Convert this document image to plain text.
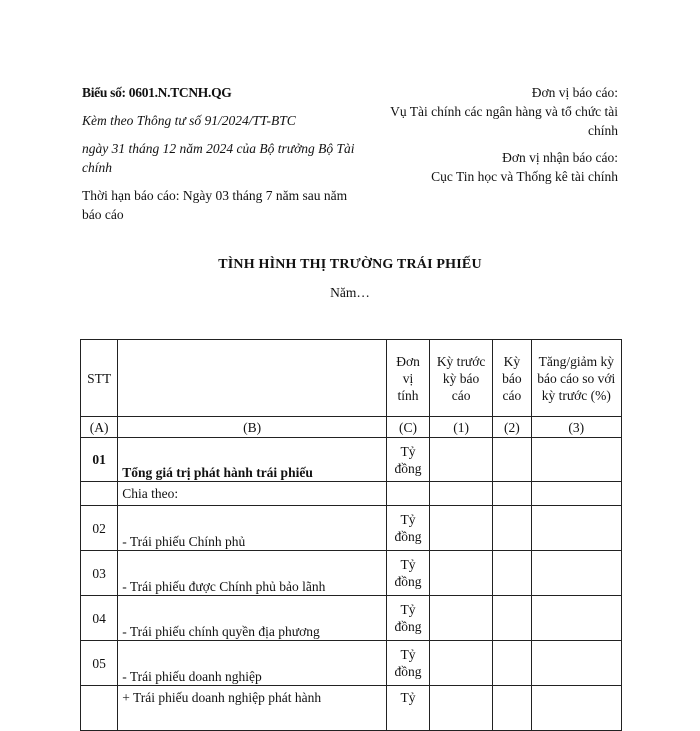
Biểu số: 0601.N.TCNH.QG

Kèm theo Thông tư số 91/2024/TT-BTC

ngày 31 tháng 12 năm 2024 của Bộ trưởng Bộ Tài chính

Thời hạn báo cáo: Ngày 03 tháng 7 năm sau năm báo cáo

Đơn vị báo cáo:

Vụ Tài chính các ngân hàng và tổ chức tài chính

Đơn vị nhận báo cáo:

Cục Tin học và Thống kê tài chính

TÌNH HÌNH THỊ TRƯỜNG TRÁI PHIẾU
Năm…
STT		Đơn vị tính	Kỳ trước kỳ báo cáo	Kỳ báo cáo	Tăng/giảm kỳ báo cáo so với kỳ trước (%)
(A)	(B)	(C)	(1)	(2)	(3)
01	Tổng giá trị phát hành trái phiếu	Tỷ đồng			
	Chia theo:				
02	- Trái phiếu Chính phủ	Tỷ đồng			
03	- Trái phiếu được Chính phủ bảo lãnh	Tỷ đồng			
04	- Trái phiếu chính quyền địa phương	Tỷ đồng			
05	- Trái phiếu doanh nghiệp	Tỷ đồng			
	+ Trái phiếu doanh nghiệp phát hành	Tỷ			
